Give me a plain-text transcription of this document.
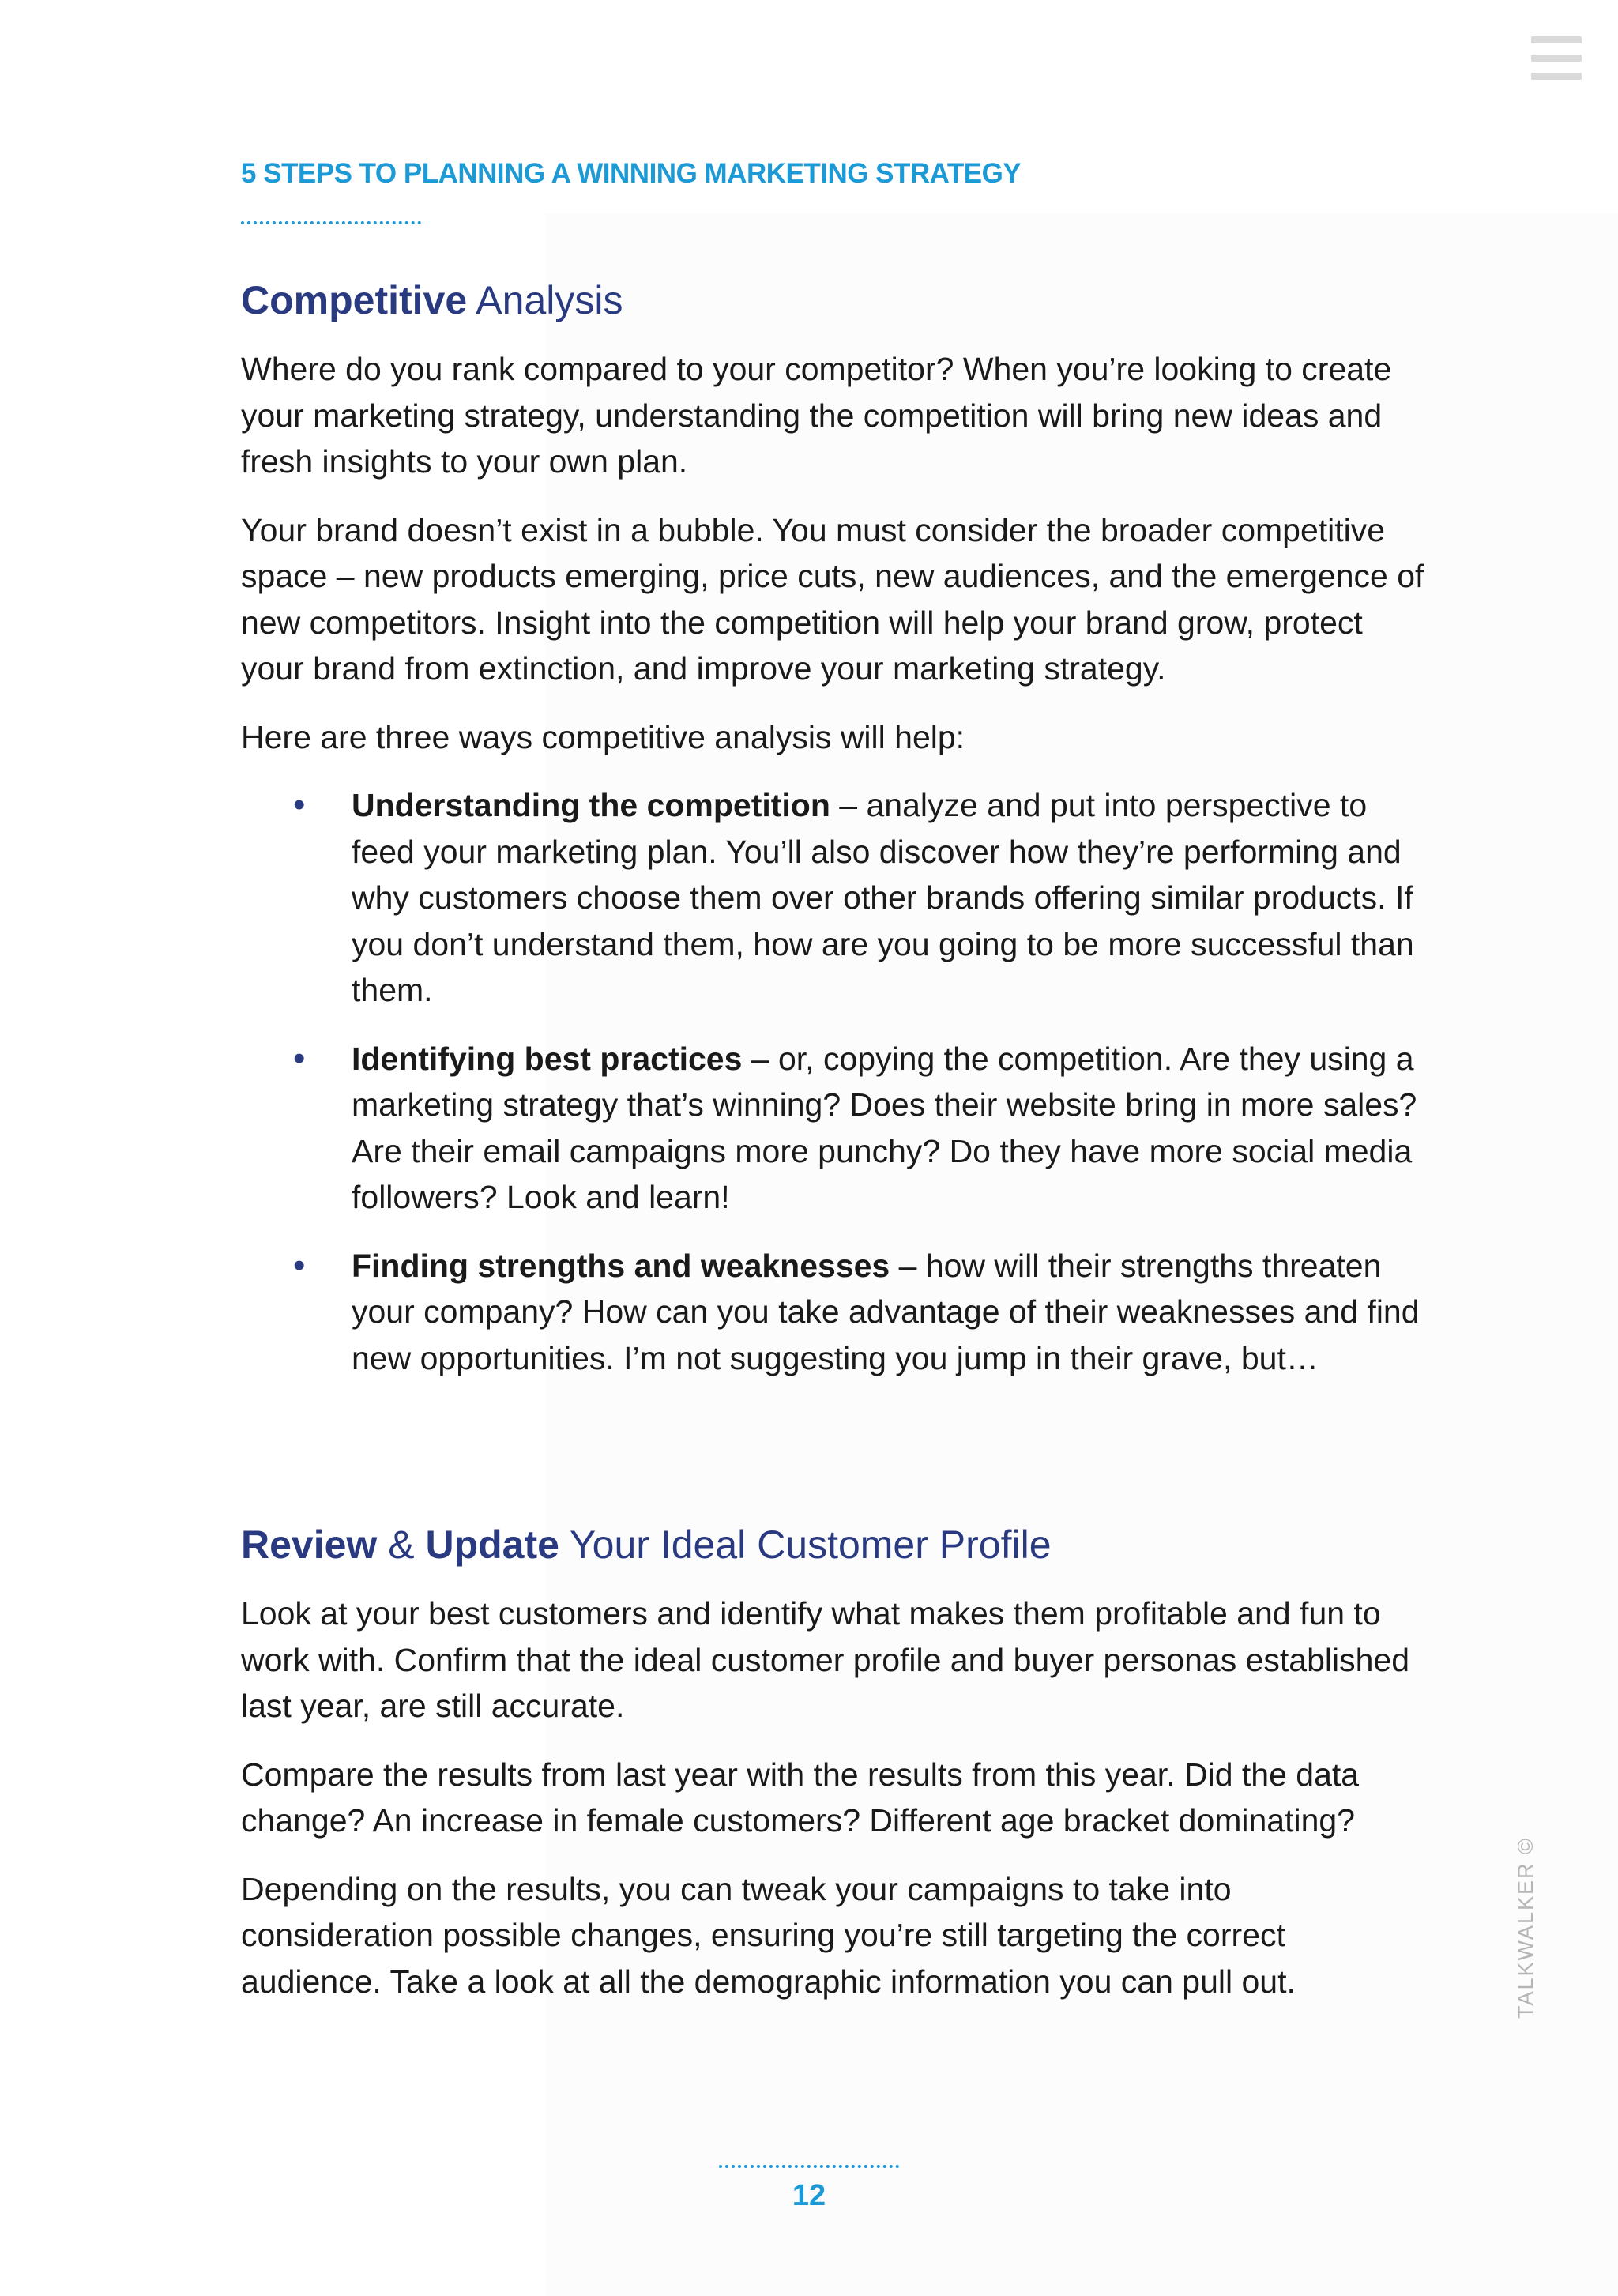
5 STEPS TO PLANNING A WINNING MARKETING STRATEGY
Competitive Analysis

Where do you rank compared to your competitor? When you’re looking to create your marketing strategy, understanding the competition will bring new ideas and fresh insights to your own plan.

Your brand doesn’t exist in a bubble. You must consider the broader competitive space – new products emerging, price cuts, new audiences, and the emergence of new competitors. Insight into the competition will help your brand grow, protect your brand from extinction, and improve your marketing strategy.

Here are three ways competitive analysis will help:

• Understanding the competition – analyze and put into perspective to feed your marketing plan. You’ll also discover how they’re performing and why customers choose them over other brands offering similar products. If you don’t understand them, how are you going to be more successful than them.
• Identifying best practices – or, copying the competition. Are they using a marketing strategy that’s winning? Does their website bring in more sales? Are their email campaigns more punchy? Do they have more social media followers? Look and learn!
• Finding strengths and weaknesses – how will their strengths threaten your company? How can you take advantage of their weaknesses and find new opportunities. I’m not suggesting you jump in their grave, but…
Review & Update Your Ideal Customer Profile

Look at your best customers and identify what makes them profitable and fun to work with. Confirm that the ideal customer profile and buyer personas established last year, are still accurate.

Compare the results from last year with the results from this year. Did the data change? An increase in female customers? Different age bracket dominating?

Depending on the results, you can tweak your campaigns to take into consideration possible changes, ensuring you’re still targeting the correct audience. Take a look at all the demographic information you can pull out.	TALKWALKER ©
12
